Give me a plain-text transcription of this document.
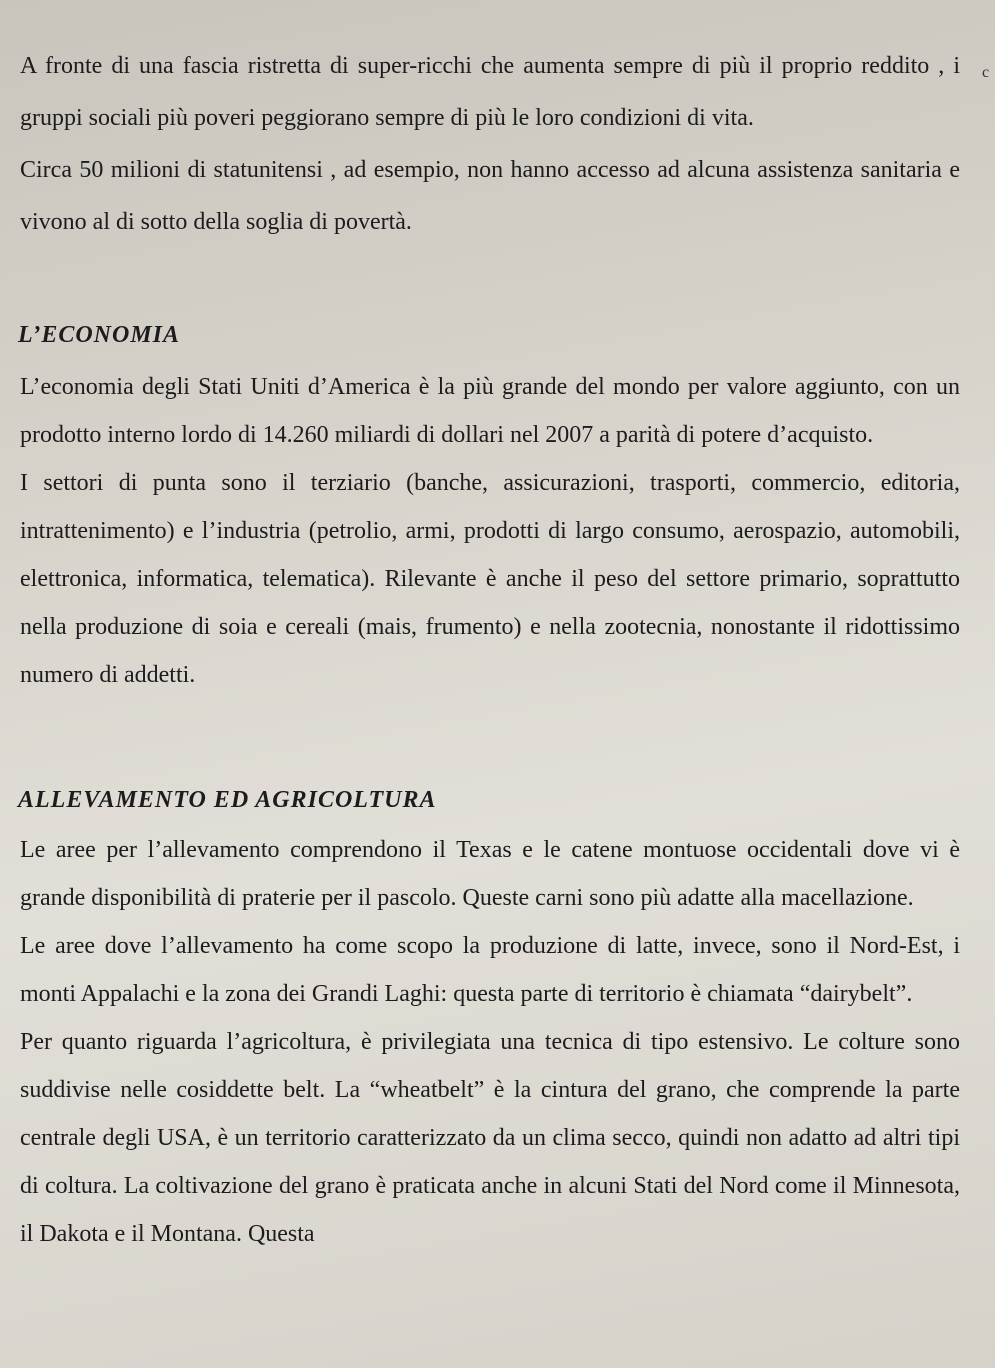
c

A fronte di una fascia ristretta di super-ricchi che aumenta sempre di più il proprio reddito , i gruppi sociali più poveri peggiorano sempre di più le loro condizioni di vita.

Circa 50 milioni di statunitensi , ad esempio, non hanno accesso ad alcuna assistenza sanitaria e vivono al di sotto della soglia di povertà.

L’ECONOMIA

L’economia degli Stati Uniti d’America è la più grande del mondo per valore aggiunto, con un prodotto interno lordo di 14.260 miliardi di dollari nel 2007 a parità di potere d’acquisto.

I settori di punta sono il terziario (banche, assicurazioni, trasporti, commercio, editoria, intrattenimento) e l’industria (petrolio, armi, prodotti di largo consumo, aerospazio, automobili, elettronica, informatica, telematica). Rilevante è anche il peso del settore primario, soprattutto nella produzione di soia e cereali (mais, frumento) e nella zootecnia, nonostante il ridottissimo numero di addetti.

ALLEVAMENTO ED AGRICOLTURA

Le aree per l’allevamento comprendono il Texas e le catene montuose occidentali dove vi è grande disponibilità di praterie per il pascolo. Queste carni sono più adatte alla macellazione.

Le aree dove l’allevamento ha come scopo la produzione di latte, invece, sono il Nord-Est, i monti Appalachi e la zona dei Grandi Laghi: questa parte di territorio è chiamata “dairybelt”.

Per quanto riguarda l’agricoltura, è privilegiata una tecnica di tipo estensivo. Le colture sono suddivise nelle cosiddette belt. La “wheatbelt” è la cintura del grano, che comprende la parte centrale degli USA, è un territorio caratterizzato da un clima secco, quindi non adatto ad altri tipi di coltura. La coltivazione del grano è praticata anche in alcuni Stati del Nord come il Minnesota, il Dakota e il Montana. Questa
